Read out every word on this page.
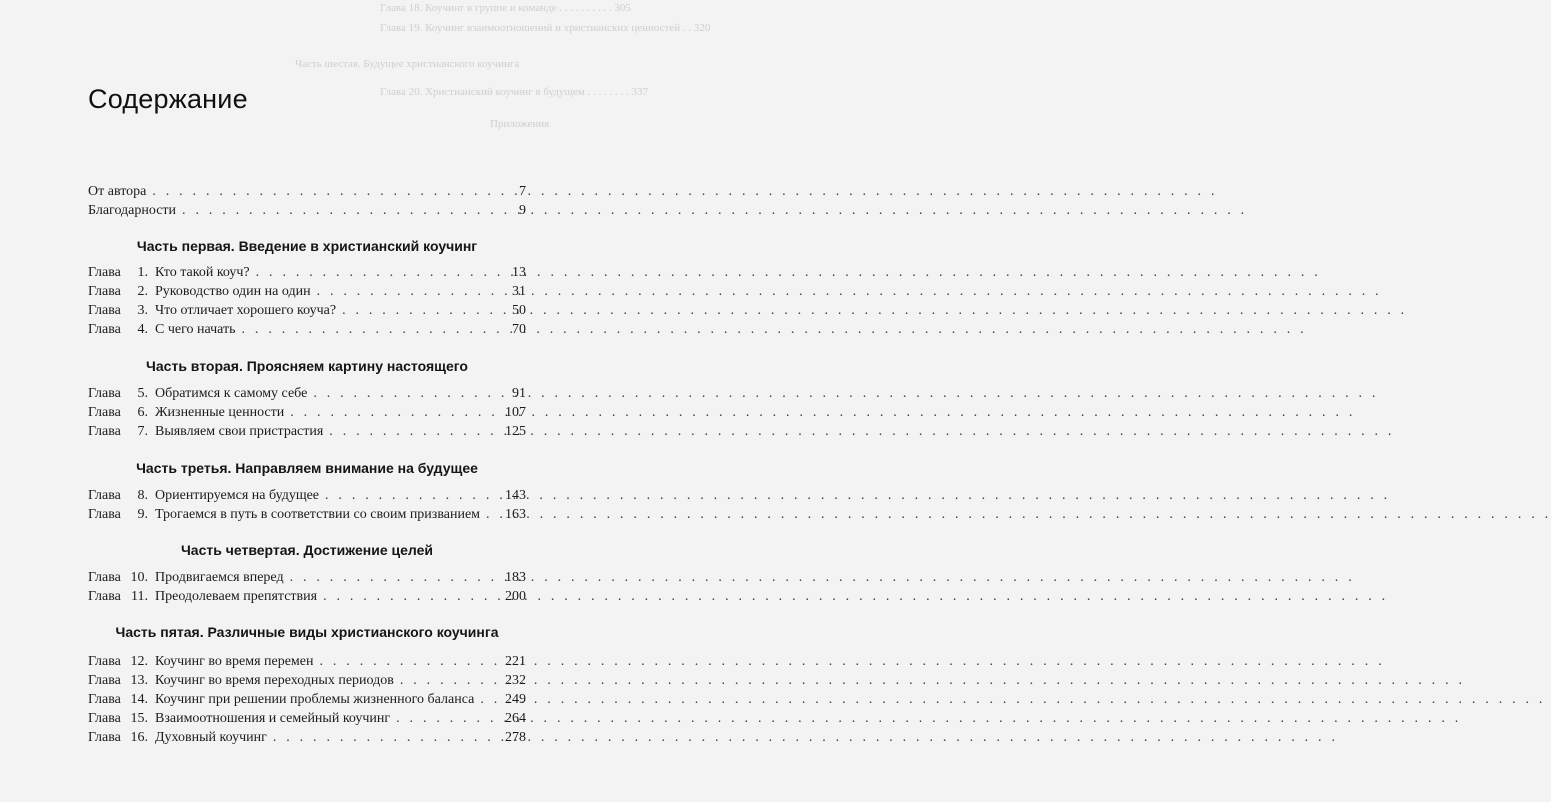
Глава 18. Коучинг в группе и команде . . . . . . . . . . 305
Глава 19. Коучинг взаимоотношений и христианских ценностей . . 320
Часть шестая. Будущее христианского коучинга
Глава 20. Христианский коучинг в будущем . . . . . . . . 337
Приложения
Содержание
От автора . . .	7
Благодарности . . .	9
Часть первая. Введение в христианский коучинг
Глава	1. Кто такой коуч? . . .	13
Глава	2. Руководство один на один . . .	31
Глава	3. Что отличает хорошего коуча? . . .	50
Глава	4. С чего начать . . .	70
Часть вторая. Проясняем картину настоящего
Глава	5. Обратимся к самому себе . . .	91
Глава	6. Жизненные ценности . . .	107
Глава	7. Выявляем свои пристрастия . . .	125
Часть третья. Направляем внимание на будущее
Глава	8. Ориентируемся на будущее . . .	143
Глава	9. Трогаемся в путь в соответствии со своим призванием . . . 163
Часть четвертая. Достижение целей
Глава 10. Продвигаемся вперед . . .	183
Глава 11. Преодолеваем препятствия . . .	200
Часть пятая. Различные виды христианского коучинга
Глава 12. Коучинг во время перемен . . .	221
Глава 13. Коучинг во время переходных периодов . . .	232
Глава 14. Коучинг при решении проблемы жизненного баланса . . . 249
Глава 15. Взаимоотношения и семейный коучинг . . .	264
Глава 16. Духовный коучинг . . .	278
